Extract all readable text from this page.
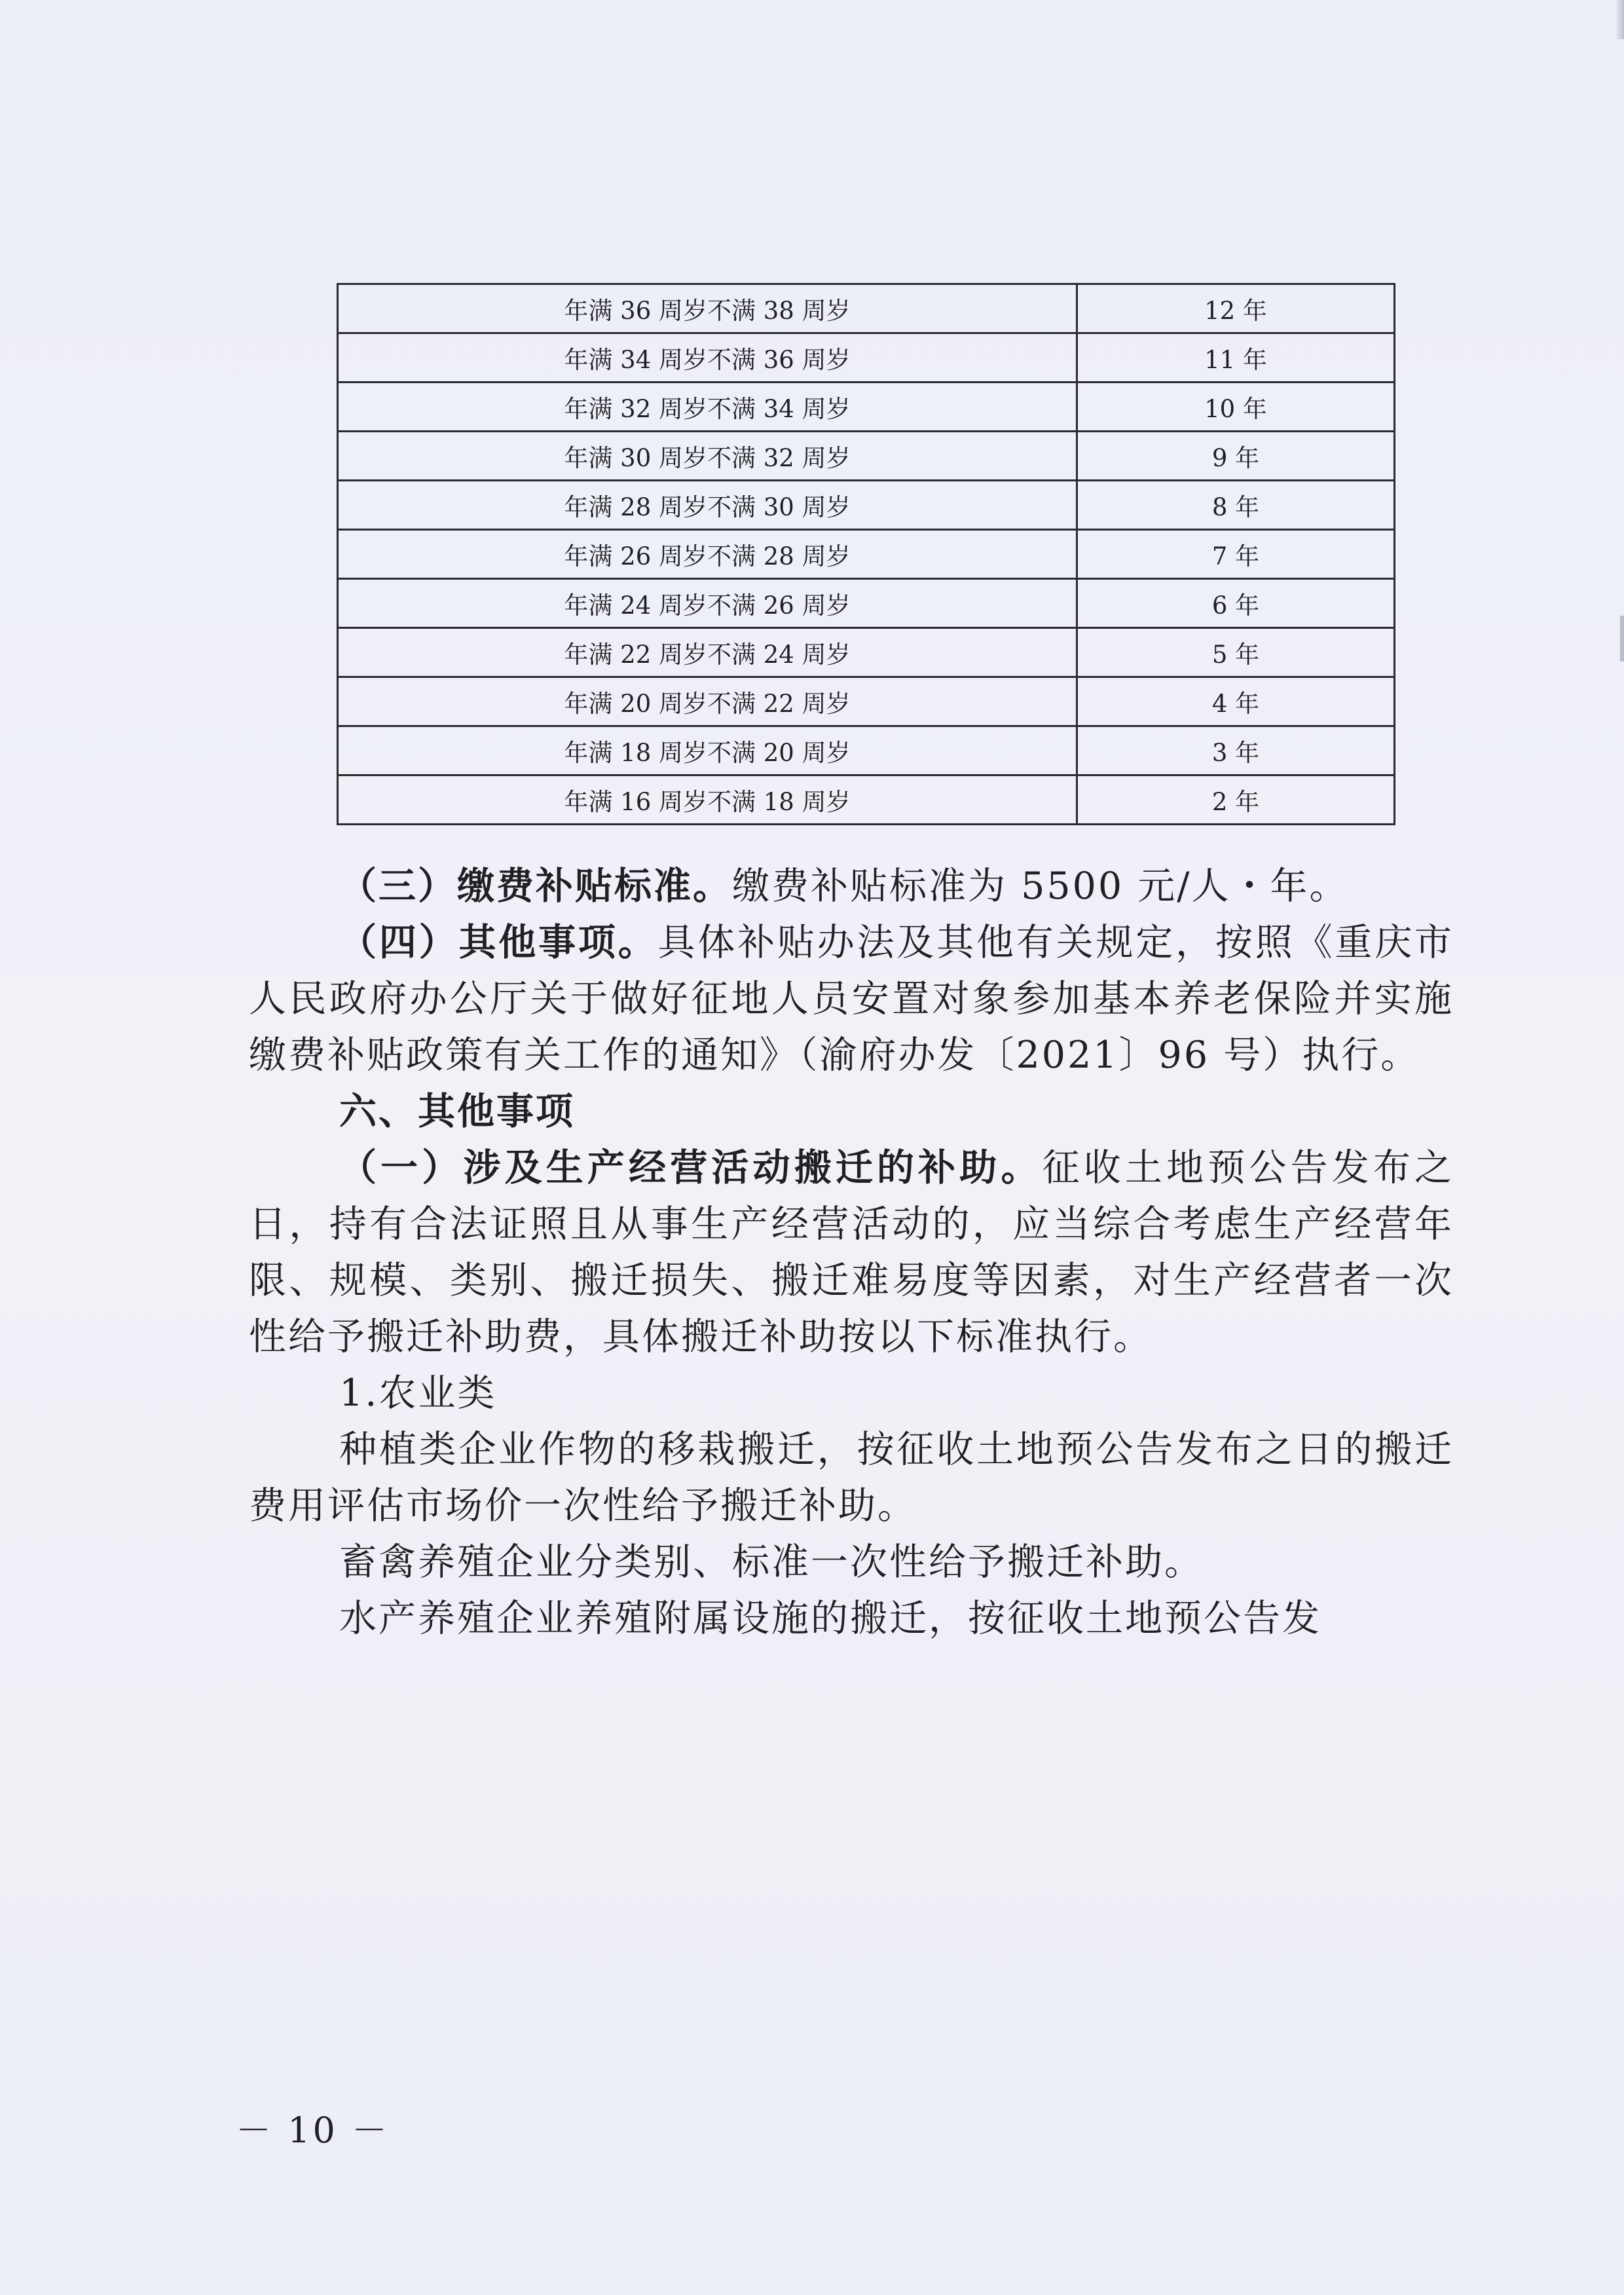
年满 36 周岁不满 38 周岁	12 年
年满 34 周岁不满 36 周岁	11 年
年满 32 周岁不满 34 周岁	10 年
年满 30 周岁不满 32 周岁	9 年
年满 28 周岁不满 30 周岁	8 年
年满 26 周岁不满 28 周岁	7 年
年满 24 周岁不满 26 周岁	6 年
年满 22 周岁不满 24 周岁	5 年
年满 20 周岁不满 22 周岁	4 年
年满 18 周岁不满 20 周岁	3 年
年满 16 周岁不满 18 周岁	2 年

（三）缴费补贴标准。缴费补贴标准为 5500 元/人・年。

（四）其他事项。具体补贴办法及其他有关规定，按照《重庆市人民政府办公厅关于做好征地人员安置对象参加基本养老保险并实施缴费补贴政策有关工作的通知》（渝府办发〔2021〕96 号）执行。

六、其他事项

（一）涉及生产经营活动搬迁的补助。征收土地预公告发布之日，持有合法证照且从事生产经营活动的，应当综合考虑生产经营年限、规模、类别、搬迁损失、搬迁难易度等因素，对生产经营者一次性给予搬迁补助费，具体搬迁补助按以下标准执行。

1.农业类

种植类企业作物的移栽搬迁，按征收土地预公告发布之日的搬迁费用评估市场价一次性给予搬迁补助。

畜禽养殖企业分类别、标准一次性给予搬迁补助。

水产养殖企业养殖附属设施的搬迁，按征收土地预公告发

－ 10 －
